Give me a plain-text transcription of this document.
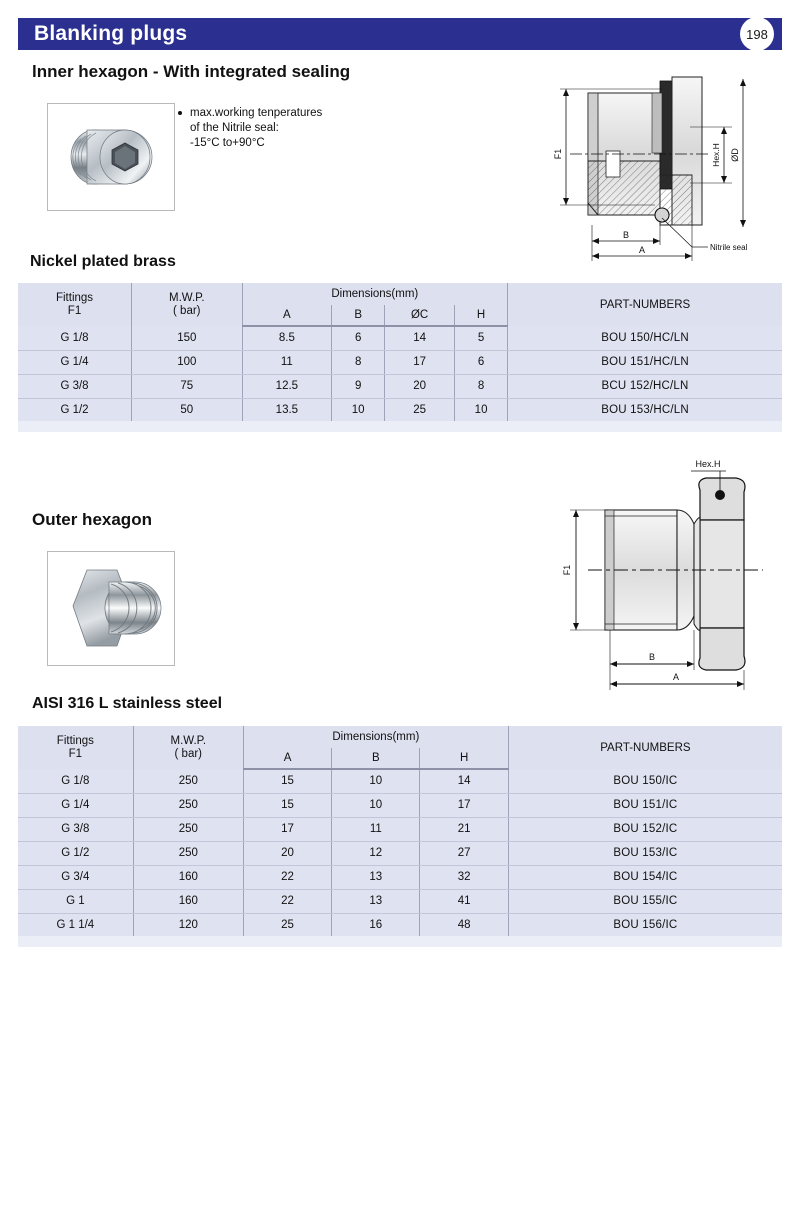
Blanking plugs	198
lnner hexagon - With integrated sealing
max.working tenperatures
of the Nitrile seal:
-15°C to+90°C
F1	Hex.H ØD
B
A	Nitrile seal
Nickel plated brass
Fittings
F1

M.W.P.
( bar)
	Dimensions(mm)	PART-NUMBERS
		A	B	ØC	H	
G 1/8	150	8.5	6	14	5	BOU 150/HC/LN
G 1/4	100	11	8	17	6	BOU 151/HC/LN
G 3/8	75	12.5	9	20	8	BCU 152/HC/LN
G 1/2	50	13.5	10	25	10	BOU 153/HC/LN
Outer hexagon
Hex.H
F1
B
A
AISI 316 L stainless steel
Fittings
F1

M.W.P.
( bar)
	Dimensions(mm)	PART-NUMBERS
		A	B	H	
G 1/8	250	15	10	14	BOU 150/IC
G 1/4	250	15	10	17	BOU 151/IC
G 3/8	250	17	11	21	BOU 152/IC
G 1/2	250	20	12	27	BOU 153/IC
G 3/4	160	22	13	32	BOU 154/IC
G 1	160	22	13	41	BOU 155/IC
G 1 1/4	120	25	16	48	BOU 156/IC
